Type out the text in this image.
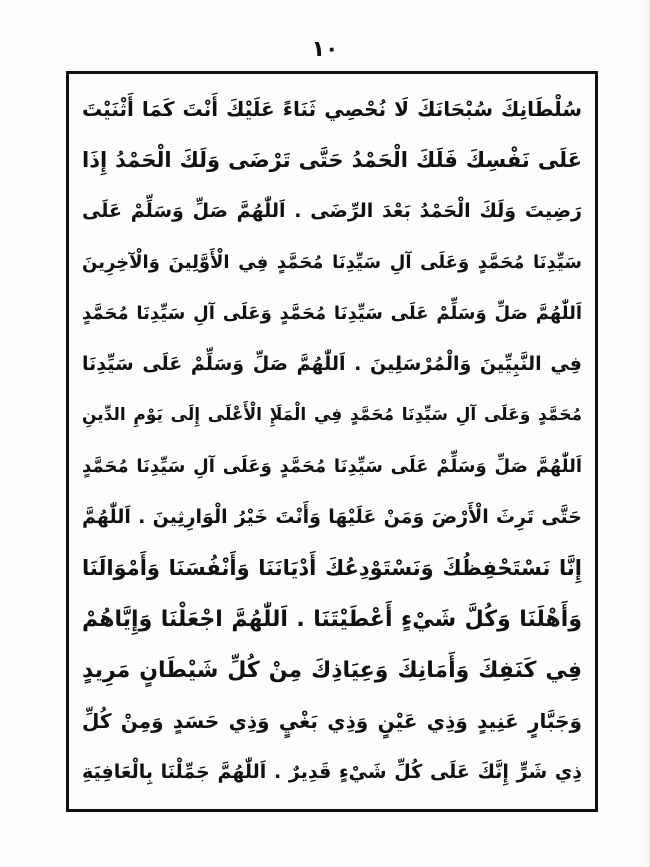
١٠
سُلْطَانِكَ سُبْحَانَكَ لَا نُحْصِي ثَنَاءً عَلَيْكَ أَنْتَ كَمَا أَثْنَيْتَ
عَلَى نَفْسِكَ فَلَكَ الْحَمْدُ حَتَّى تَرْضَى وَلَكَ الْحَمْدُ إِذَا
رَضِيتَ وَلَكَ الْحَمْدُ بَعْدَ الرِّضَى . اَللّٰهُمَّ صَلِّ وَسَلِّمْ عَلَى
سَيِّدِنَا مُحَمَّدٍ وَعَلَى آلِ سَيِّدِنَا مُحَمَّدٍ فِي الْأَوَّلِينَ وَالْآخِرِينَ
اَللّٰهُمَّ صَلِّ وَسَلِّمْ عَلَى سَيِّدِنَا مُحَمَّدٍ وَعَلَى آلِ سَيِّدِنَا مُحَمَّدٍ
فِي النَّبِيِّينَ وَالْمُرْسَلِينَ . اَللّٰهُمَّ صَلِّ وَسَلِّمْ عَلَى سَيِّدِنَا
مُحَمَّدٍ وَعَلَى آلِ سَيِّدِنَا مُحَمَّدٍ فِي الْمَلَإِ الْأَعْلَى إِلَى يَوْمِ الدِّينِ
اَللّٰهُمَّ صَلِّ وَسَلِّمْ عَلَى سَيِّدِنَا مُحَمَّدٍ وَعَلَى آلِ سَيِّدِنَا مُحَمَّدٍ
حَتَّى تَرِثَ الْأَرْضَ وَمَنْ عَلَيْهَا وَأَنْتَ خَيْرُ الْوَارِثِينَ . اَللّٰهُمَّ
إِنَّا نَسْتَحْفِظُكَ وَنَسْتَوْدِعُكَ أَدْيَانَنَا وَأَنْفُسَنَا وَأَمْوَالَنَا
وَأَهْلَنَا وَكُلَّ شَيْءٍ أَعْطَيْتَنَا . اَللّٰهُمَّ اجْعَلْنَا وَإِيَّاهُمْ
فِي كَنَفِكَ وَأَمَانِكَ وَعِيَاذِكَ مِنْ كُلِّ شَيْطَانٍ مَرِيدٍ
وَجَبَّارٍ عَنِيدٍ وَذِي عَيْنٍ وَذِي بَغْيٍ وَذِي حَسَدٍ وَمِنْ كُلِّ
ذِي شَرٍّ إِنَّكَ عَلَى كُلِّ شَيْءٍ قَدِيرٌ . اَللّٰهُمَّ جَمِّلْنَا بِالْعَافِيَةِ
